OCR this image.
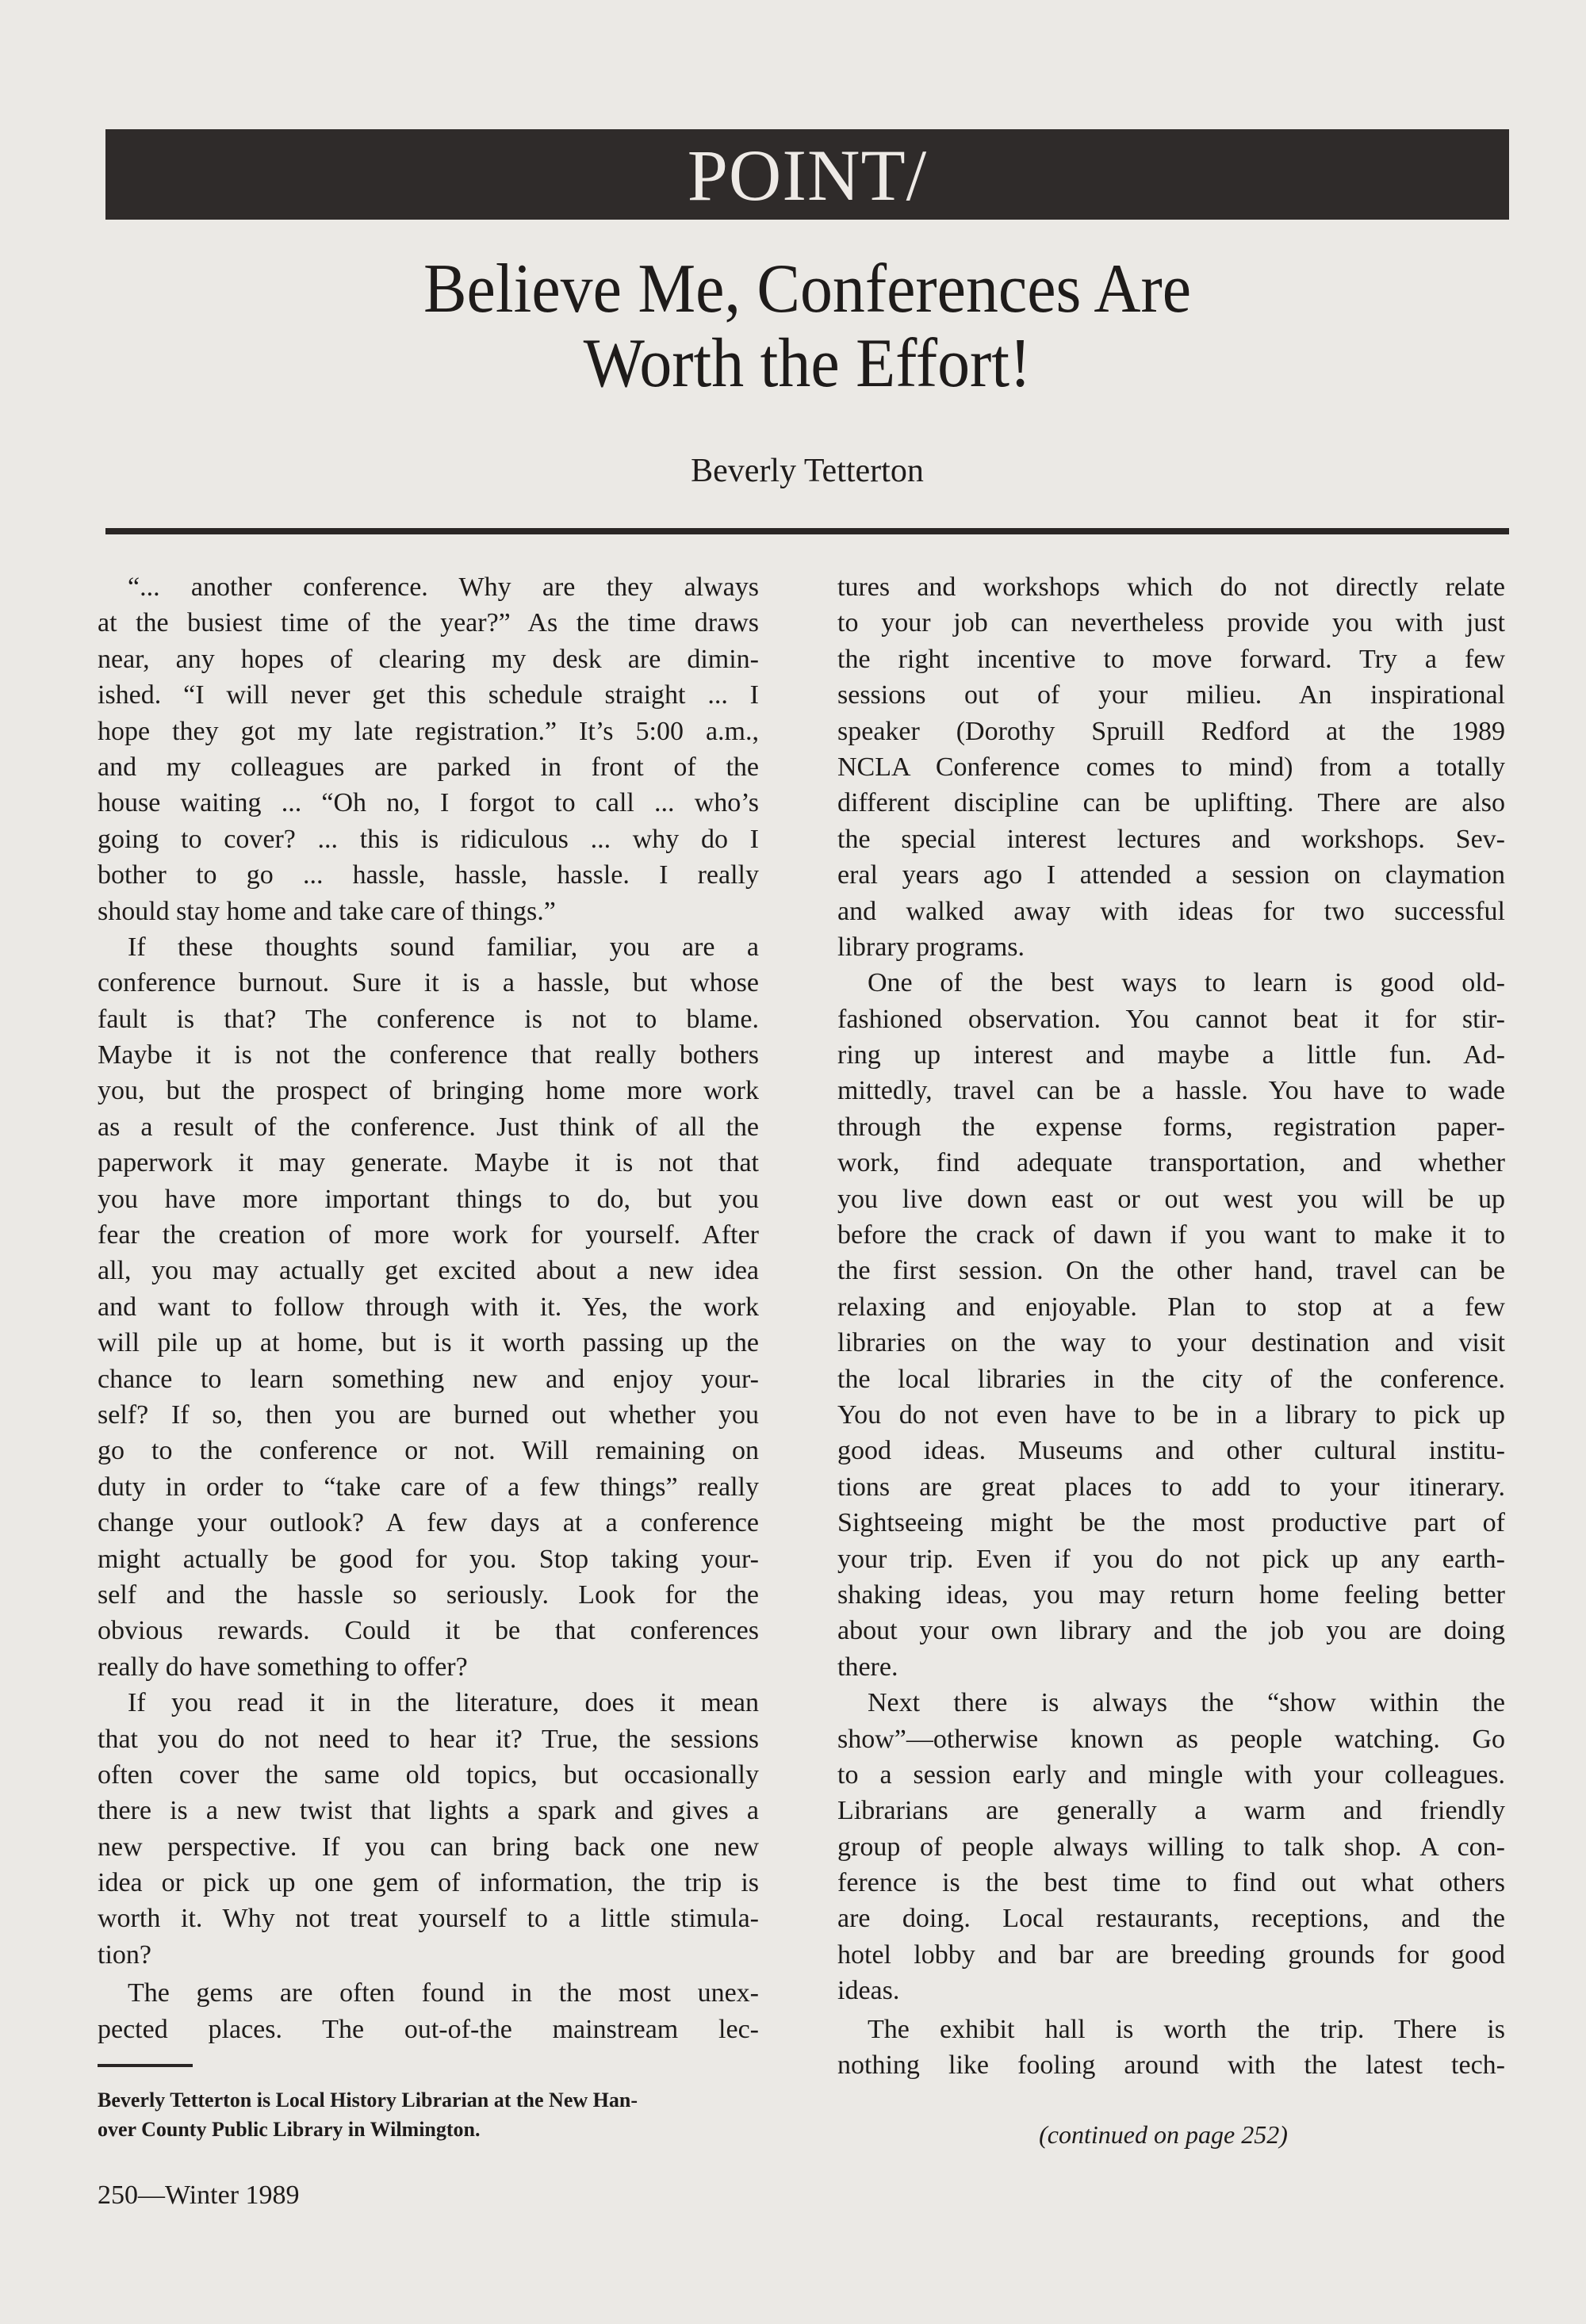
POINT/
Believe Me, Conferences Are
Worth the Effort!
Beverly Tetterton
“... another conference. Why are they always
at the busiest time of the year?” As the time draws
near, any hopes of clearing my desk are dimin-
ished. “I will never get this schedule straight ... I
hope they got my late registration.” It’s 5:00 a.m.,
and my colleagues are parked in front of the
house waiting ... “Oh no, I forgot to call ... who’s
going to cover? ... this is ridiculous ... why do I
bother to go ... hassle, hassle, hassle. I really
should stay home and take care of things.”
If these thoughts sound familiar, you are a
conference burnout. Sure it is a hassle, but whose
fault is that? The conference is not to blame.
Maybe it is not the conference that really bothers
you, but the prospect of bringing home more work
as a result of the conference. Just think of all the
paperwork it may generate. Maybe it is not that
you have more important things to do, but you
fear the creation of more work for yourself. After
all, you may actually get excited about a new idea
and want to follow through with it. Yes, the work
will pile up at home, but is it worth passing up the
chance to learn something new and enjoy your-
self? If so, then you are burned out whether you
go to the conference or not. Will remaining on
duty in order to “take care of a few things” really
change your outlook? A few days at a conference
might actually be good for you. Stop taking your-
self and the hassle so seriously. Look for the
obvious rewards. Could it be that conferences
really do have something to offer?
If you read it in the literature, does it mean
that you do not need to hear it? True, the sessions
often cover the same old topics, but occasionally
there is a new twist that lights a spark and gives a
new perspective. If you can bring back one new
idea or pick up one gem of information, the trip is
worth it. Why not treat yourself to a little stimula-
tion?
The gems are often found in the most unex-
pected places. The out-of-the mainstream lec-
tures and workshops which do not directly relate
to your job can nevertheless provide you with just
the right incentive to move forward. Try a few
sessions out of your milieu. An inspirational
speaker (Dorothy Spruill Redford at the 1989
NCLA Conference comes to mind) from a totally
different discipline can be uplifting. There are also
the special interest lectures and workshops. Sev-
eral years ago I attended a session on claymation
and walked away with ideas for two successful
library programs.
One of the best ways to learn is good old-
fashioned observation. You cannot beat it for stir-
ring up interest and maybe a little fun. Ad-
mittedly, travel can be a hassle. You have to wade
through the expense forms, registration paper-
work, find adequate transportation, and whether
you live down east or out west you will be up
before the crack of dawn if you want to make it to
the first session. On the other hand, travel can be
relaxing and enjoyable. Plan to stop at a few
libraries on the way to your destination and visit
the local libraries in the city of the conference.
You do not even have to be in a library to pick up
good ideas. Museums and other cultural institu-
tions are great places to add to your itinerary.
Sightseeing might be the most productive part of
your trip. Even if you do not pick up any earth-
shaking ideas, you may return home feeling better
about your own library and the job you are doing
there.
Next there is always the “show within the
show”—otherwise known as people watching. Go
to a session early and mingle with your colleagues.
Librarians are generally a warm and friendly
group of people always willing to talk shop. A con-
ference is the best time to find out what others
are doing. Local restaurants, receptions, and the
hotel lobby and bar are breeding grounds for good
ideas.
The exhibit hall is worth the trip. There is
nothing like fooling around with the latest tech-
Beverly Tetterton is Local History Librarian at the New Han-
over County Public Library in Wilmington.	(continued on page 252)
250—Winter 1989
